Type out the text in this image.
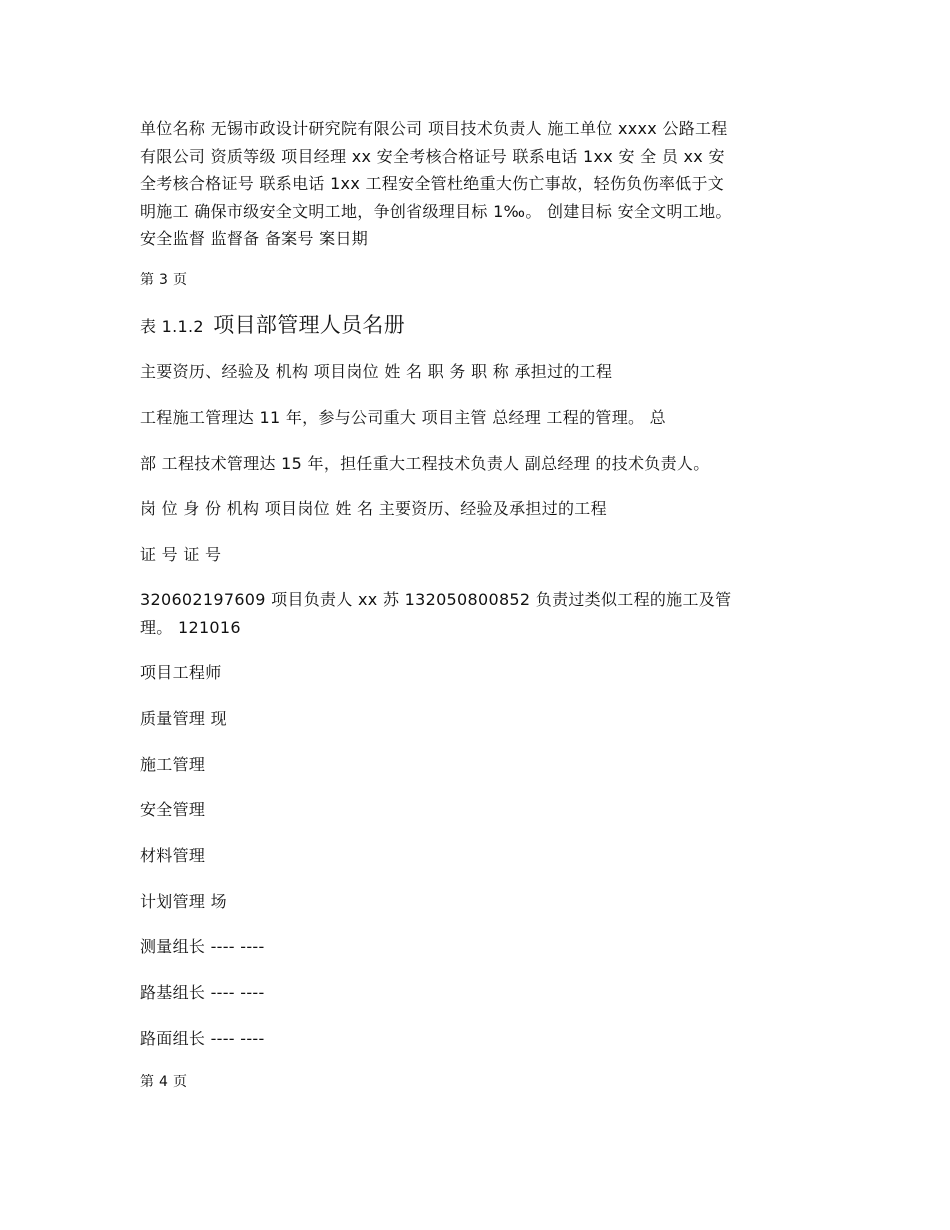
单位名称 无锡市政设计研究院有限公司 项目技术负责人 施工单位 xxxx 公路工程
有限公司 资质等级 项目经理 xx 安全考核合格证号 联系电话 1xx 安 全 员 xx 安
全考核合格证号 联系电话 1xx 工程安全管杜绝重大伤亡事故，轻伤负伤率低于文
明施工 确保市级安全文明工地，争创省级理目标 1‰。 创建目标 安全文明工地。
安全监督 监督备 备案号 案日期
第 3 页
表 1.1.2 项目部管理人员名册
主要资历、经验及 机构 项目岗位 姓 名 职 务 职 称 承担过的工程
工程施工管理达 11 年，参与公司重大 项目主管 总经理 工程的管理。 总
部 工程技术管理达 15 年，担任重大工程技术负责人 副总经理 的技术负责人。
岗 位 身 份 机构 项目岗位 姓 名 主要资历、经验及承担过的工程
证 号 证 号
320602197609 项目负责人 xx 苏 132050800852 负责过类似工程的施工及管
理。 121016
项目工程师
质量管理 现
施工管理
安全管理
材料管理
计划管理 场
测量组长 ---- ----
路基组长 ---- ----
路面组长 ---- ----
第 4 页
